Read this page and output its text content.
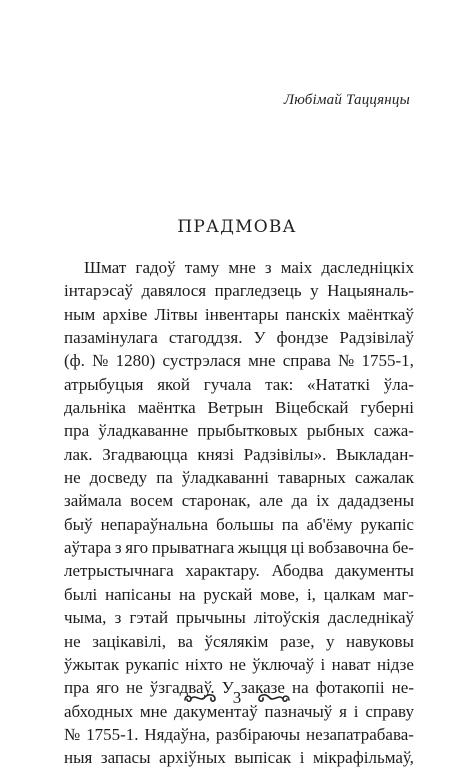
Любімай Таццянцы
ПРАДМОВА
Шмат гадоў таму мне з маіх даследніцкіх
інтарэсаў давялося прагледзець у Нацыяналь-
ным архіве Літвы інвентары панскіх маёнткаў
пазамінулага стагоддзя. У фондзе Радзівілаў
(ф. № 1280) сустрэлася мне справа № 1755-1,
атрыбуцыя якой гучала так: «Нататкі ўла-
дальніка маёнтка Ветрын Віцебскай губерні
пра ўладкаванне прыбытковых рыбных сажа-
лак. Згадваюцца князі Радзівілы». Выкладан-
не досведу па ўладкаванні таварных сажалак
займала восем старонак, але да іх дададзены
быў непараўнальна большы па аб'ёму рукапіс
аўтара з яго прыватнага жыцця ці вобзавочна бе-
летрыстычнага характару. Абодва дакументы
былі напісаны на рускай мове, і, цалкам маг-
чыма, з гэтай прычыны літоўскія даследнікаў
не зацікавілі, ва ўсялякім разе, у навуковы
ўжытак рукапіс ніхто не ўключаў і нават нідзе
пра яго не ўзгадваў. У заказе на фотакопіі не-
абходных мне дакументаў пазначыў я і справу
№ 1755-1. Нядаўна, разбіраючы незапатрабава-
ныя запасы архіўных выпісак і мікрафільмаў,
3
